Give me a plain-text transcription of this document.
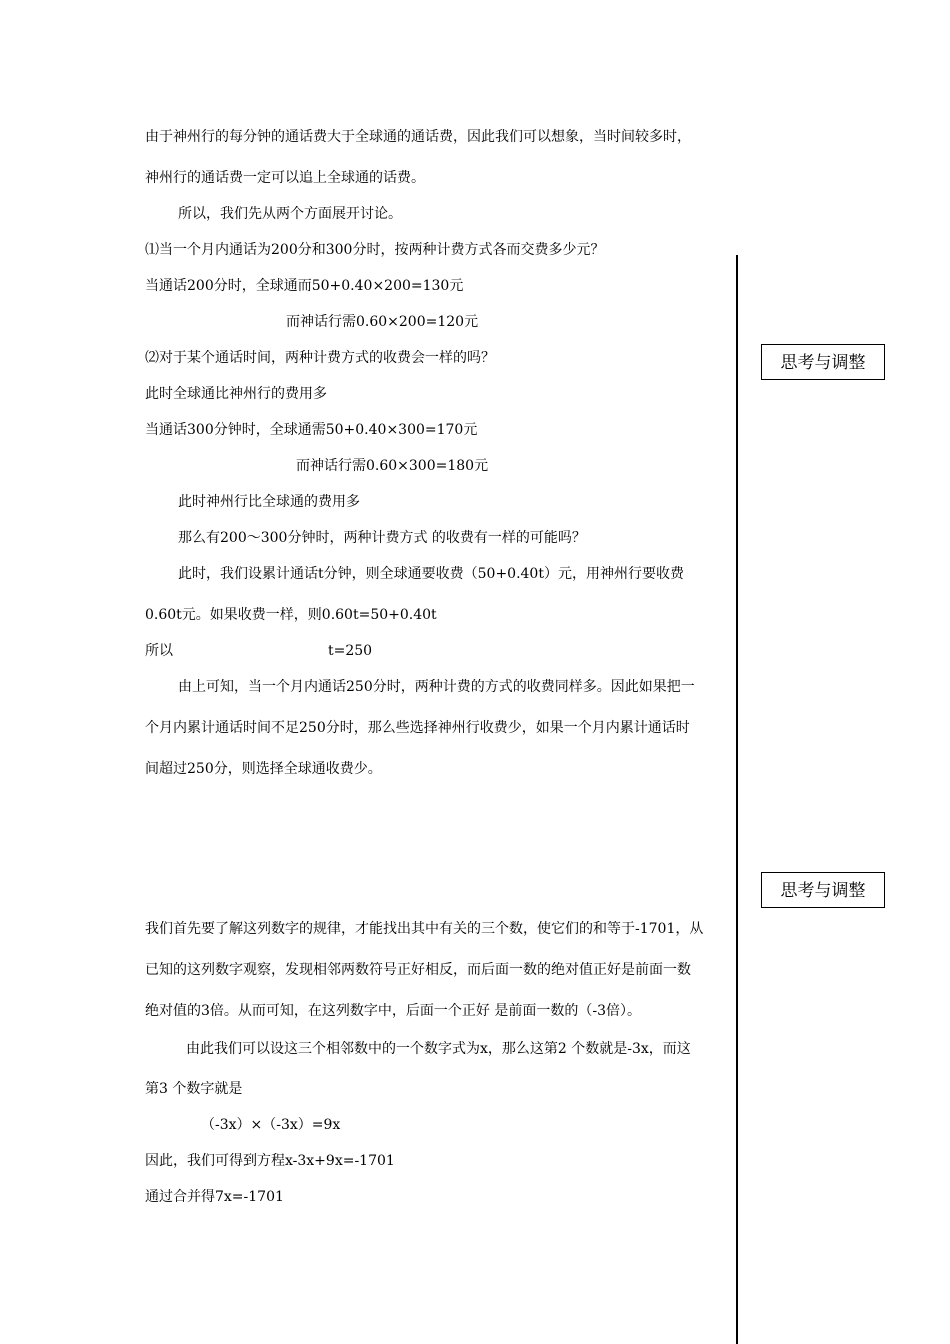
由于神州行的每分钟的通话费大于全球通的通话费，因此我们可以想象，当时间较多时，
神州行的通话费一定可以追上全球通的话费。
所以，我们先从两个方面展开讨论。
⑴当一个月内通话为200分和300分时，按两种计费方式各而交费多少元？
当通话200分时，全球通而50+0.40×200=130元
而神话行需0.60×200=120元
⑵对于某个通话时间，两种计费方式的收费会一样的吗？
此时全球通比神州行的费用多
当通话300分钟时，全球通需50+0.40×300=170元
而神话行需0.60×300=180元
此时神州行比全球通的费用多
那么有200～300分钟时，两种计费方式 的收费有一样的可能吗？
此时，我们设累计通话t分钟，则全球通要收费（50+0.40t）元，用神州行要收费
0.60t元。如果收费一样，则0.60t=50+0.40t
所以	t=250
由上可知，当一个月内通话250分时，两种计费的方式的收费同样多。因此如果把一
个月内累计通话时间不足250分时，那么些选择神州行收费少，如果一个月内累计通话时
间超过250分，则选择全球通收费少。
我们首先要了解这列数字的规律，才能找出其中有关的三个数，使它们的和等于-1701，从
已知的这列数字观察，发现相邻两数符号正好相反，而后面一数的绝对值正好是前面一数
绝对值的3倍。从而可知，在这列数字中，后面一个正好 是前面一数的（-3倍）。
由此我们可以设这三个相邻数中的一个数字式为x，那么这第2 个数就是-3x，而这
第3 个数字就是
（-3x）×（-3x）=9x
因此，我们可得到方程x-3x+9x=-1701
通过合并得7x=-1701
思考与调整
思考与调整
